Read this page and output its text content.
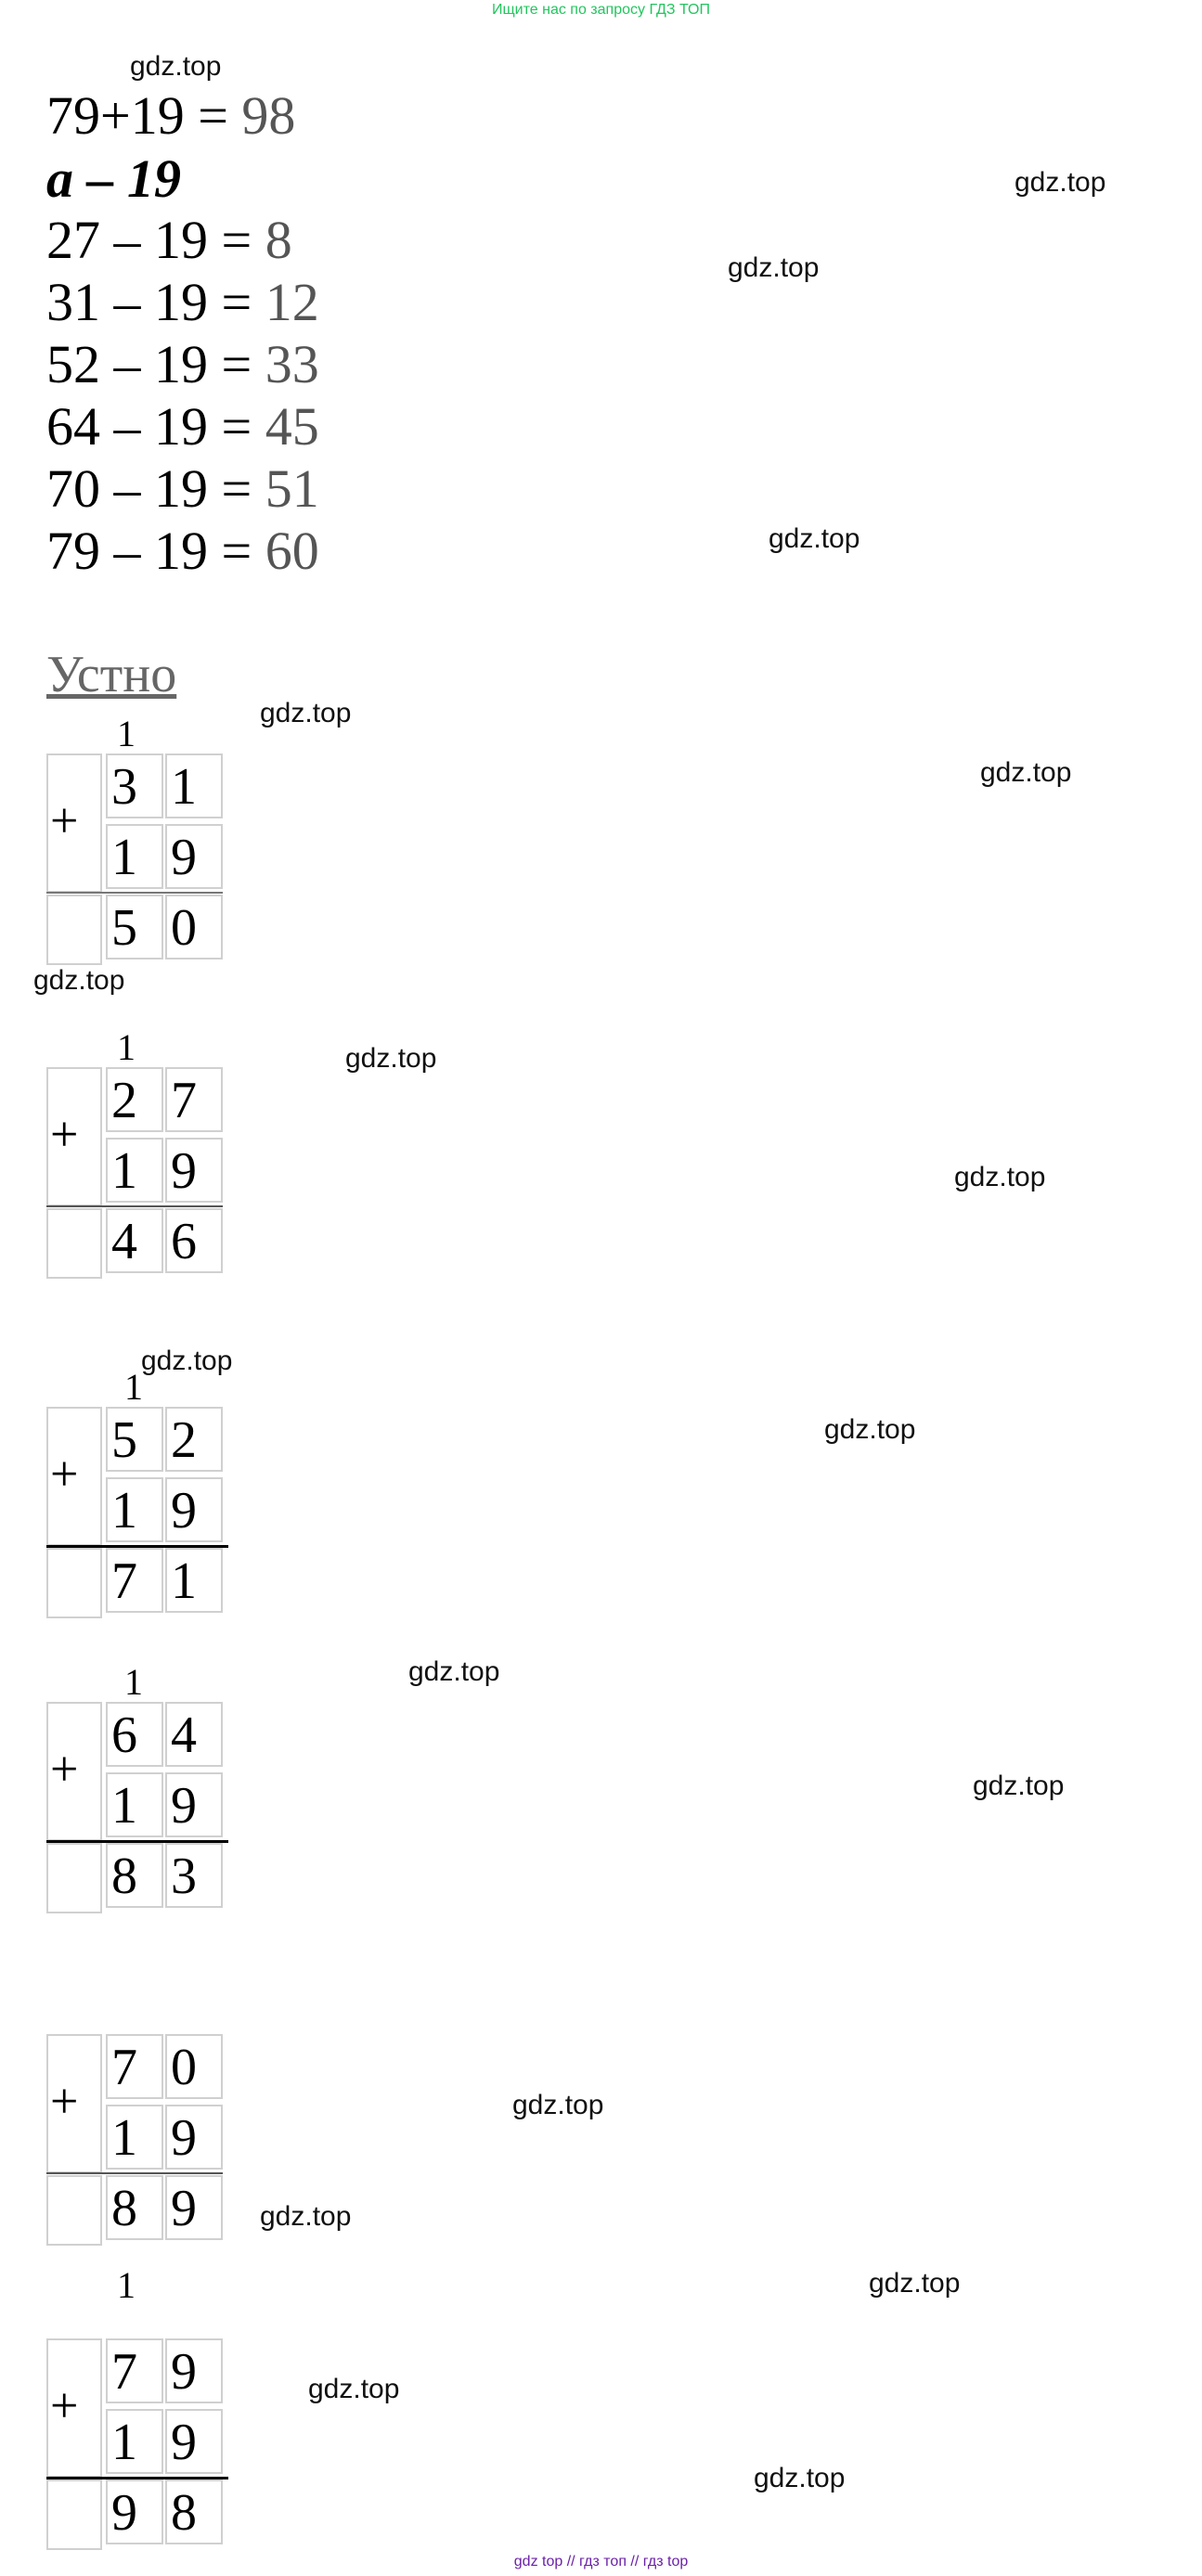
Ищите нас по запросу ГДЗ ТОП
gdz.top
gdz.top
gdz.top
gdz.top
gdz.top
gdz.top
gdz.top
gdz.top
gdz.top
gdz.top
gdz.top
gdz.top
gdz.top
gdz.top
gdz.top
gdz.top
gdz.top
gdz.top
79+19 = 98
a – 19
27 – 19 = 8
31 – 19 = 12
52 – 19 = 33
64 – 19 = 45
70 – 19 = 51
79 – 19 = 60
Устно
1
+
3 1
1 9
5 0
1
+
2 7
1 9
4 6
1
+
5 2
1 9
7 1
1
+
6 4
1 9
8 3
+
7 0
1 9
8 9
1
+
7 9
1 9
9 8
gdz top // гдз топ // гдз top
